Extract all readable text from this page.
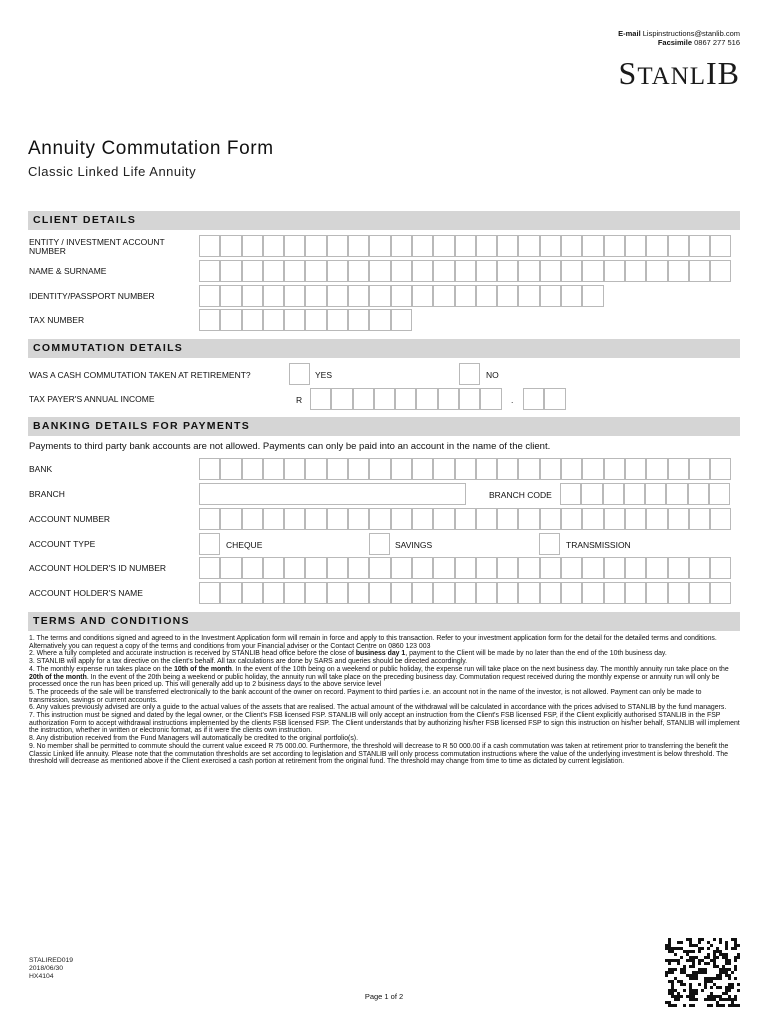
E-mail Lispinstructions@stanlib.com
Facsimile 0867 277 516
STANLIB
Annuity Commutation Form
Classic Linked Life Annuity
CLIENT DETAILS
ENTITY / INVESTMENT ACCOUNT NUMBER
NAME & SURNAME
IDENTITY/PASSPORT NUMBER
TAX NUMBER
COMMUTATION DETAILS
WAS A CASH COMMUTATION TAKEN AT RETIREMENT?	YES	NO
TAX PAYER'S ANNUAL INCOME	R	.
BANKING DETAILS FOR PAYMENTS
Payments to third party bank accounts are not allowed. Payments can only be paid into an account in the name of the client.
BANK
BRANCH	BRANCH CODE
ACCOUNT NUMBER
ACCOUNT TYPE	CHEQUE	SAVINGS	TRANSMISSION
ACCOUNT HOLDER'S ID NUMBER
ACCOUNT HOLDER'S NAME
TERMS AND CONDITIONS

1. The terms and conditions signed and agreed to in the Investment Application form will remain in force and apply to this transaction. Refer to your investment application form for the detail for the detailed terms and conditions. Alternatively you can request a copy of the terms and conditions from your Financial adviser or the Contact Centre on 0860 123 003

2. Where a fully completed and accurate instruction is received by STANLIB head office before the close of business day 1, payment to the Client will be made by no later than the end of the 10th business day.

3. STANLIB will apply for a tax directive on the client's behalf. All tax calculations are done by SARS and queries should be directed accordingly.

4. The monthly expense run takes place on the 10th of the month. In the event of the 10th being on a weekend or public holiday, the expense run will take place on the next business day. The monthly annuity run take place on the 20th of the month. In the event of the 20th being a weekend or public holiday, the annuity run will take place on the preceding business day. Commutation request received during the monthly expense or annuity run will only be processed once the run has been priced up. This will generally add up to 2 business days to the above service level

5. The proceeds of the sale will be transferred electronically to the bank account of the owner on record. Payment to third parties i.e. an account not in the name of the investor, is not allowed. Payment can only be made to transmission, savings or current accounts.

6. Any values previously advised are only a guide to the actual values of the assets that are realised. The actual amount of the withdrawal will be calculated in accordance with the prices advised to STANLIB by the fund managers.

7. This instruction must be signed and dated by the legal owner, or the Client's FSB licensed FSP. STANLIB will only accept an instruction from the Client's FSB licensed FSP, if the Client explicitly authorised STANLIB in the FSP authorization Form to accept withdrawal instructions implemented by the clients FSB licensed FSP. The Client understands that by authorizing his/her FSB licensed FSP to sign this instruction on his/her behalf, STANLIB will implement the instruction, whether in written or electronic format, as if it were the clients own instruction.

8. Any distribution received from the Fund Managers will automatically be credited to the original portfolio(s).

9. No member shall be permitted to commute should the current value exceed R 75 000.00. Furthermore, the threshold will decrease to R 50 000.00 if a cash commutation was taken at retirement prior to transferring the benefit the Classic Linked life annuity. Please note that the commutation thresholds are set according to legislation and STANLIB will only process commutation instructions where the value of the underlying investment is below threshold. The threshold will decrease as mentioned above if the Client exercised a cash portion at retirement from the original fund. The threshold may change from time to time as dictated by current legislation.

STALIRED019
2018/06/30
HX4104
Page 1 of 2
